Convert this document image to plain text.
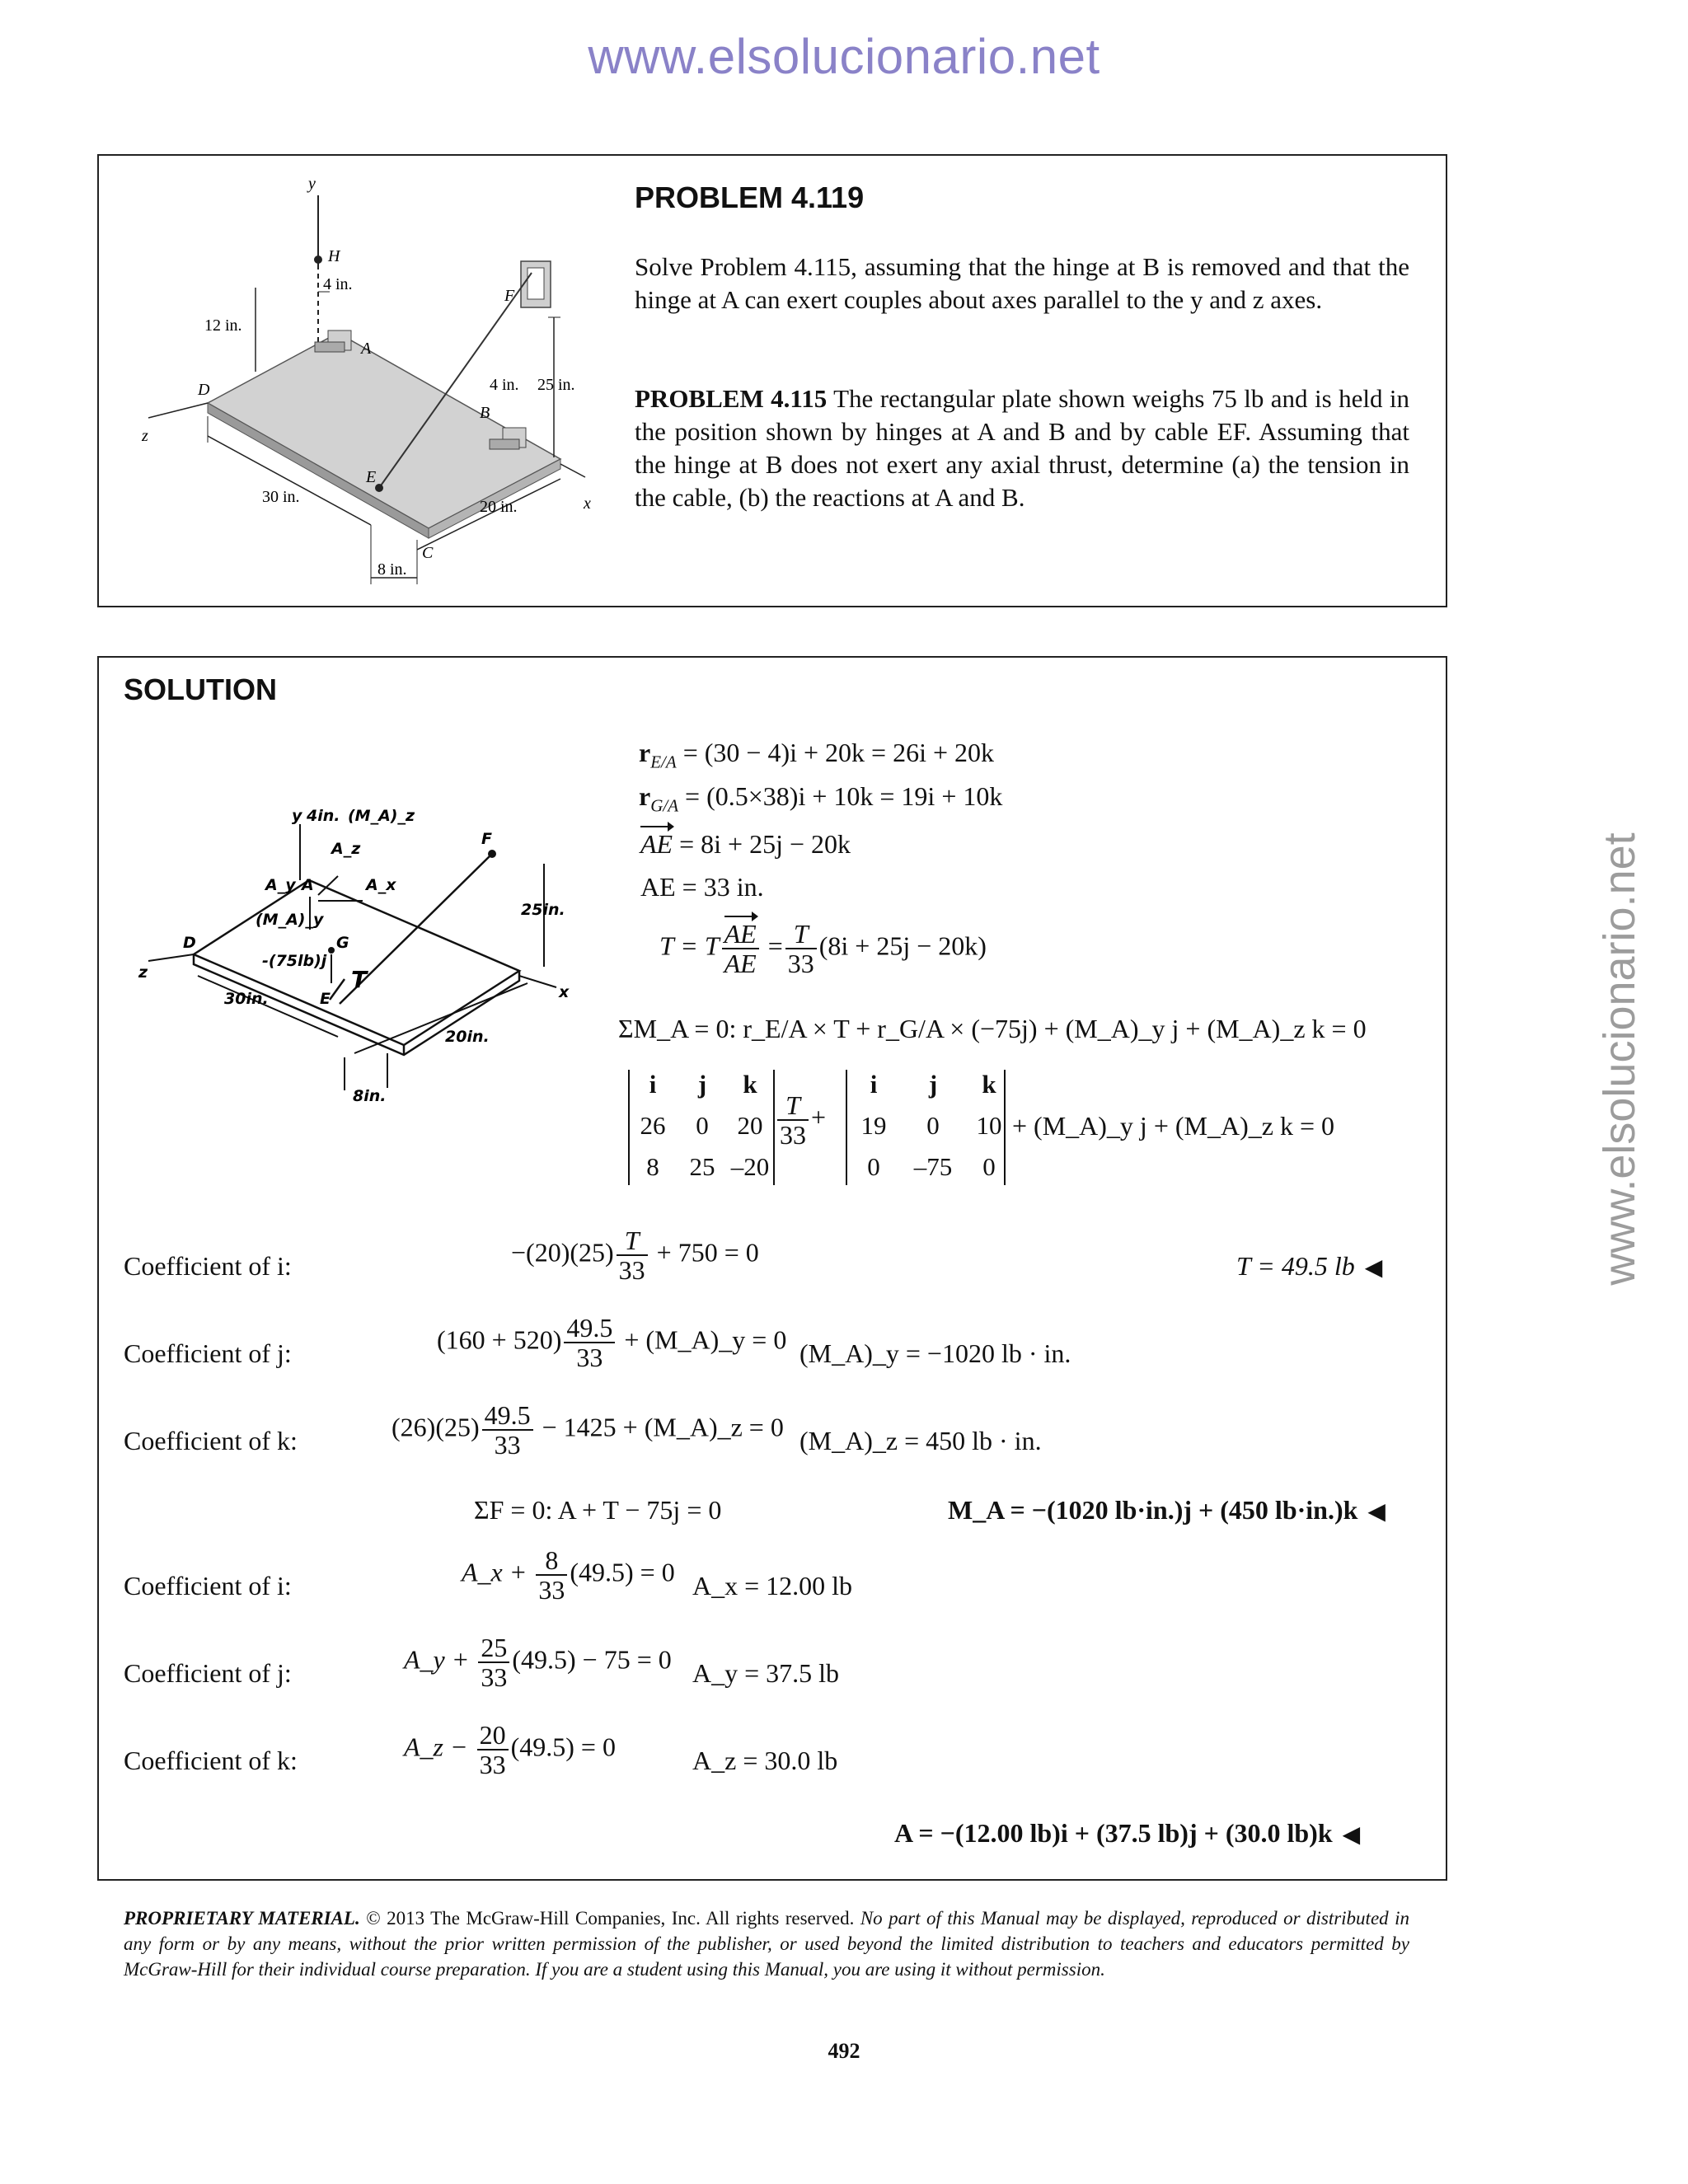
www.elsolucionario.net
www.elsolucionario.net
y
H
4 in.
12 in.
A
F
D	4 in. 25 in.
B
z
E
30 in.
20 in.	x
C
8 in.
PROBLEM 4.119
Solve Problem 4.115, assuming that the hinge at B is removed and that the hinge at A can exert couples about axes parallel to the y and z axes.
PROBLEM 4.115 The rectangular plate shown weighs 75 lb and is held in the position shown by hinges at A and B and by cable EF. Assuming that the hinge at B does not exert any axial thrust, determine (a) the tension in the cable, (b) the reactions at A and B.
SOLUTION
y 4in. (M_A)_z
A_z
A_y A	A_x
(M_A)_y
F
25in.
D	G
-(75lb)j
T
z
E
30in.
20in.
x
8in.
$r_{E/A} = (30 - 4)i + 20k = 26i + 20k$
$r_{G/A} = (0.5\times 38)i + 10k = 19i + 10k$
AE = 8i + 25j − 20k
AE = 33 in.
T = T $\frac{AE}{AE} = \frac{T}{33} (8i + 25j - 20k)$
ΣM_A = 0: r_E/A × T + r_G/A × (−75j) + (M_A)_y j + (M_A)_z k = 0
i j k
26 0 20
8 25 –20
$\frac{T}{33}$ +
i j k
19 0 10
0 –75 0
+ (M_A)_y j + (M_A)_z k = 0
Coefficient of i:	$-(20)(25) \frac{T}{33} + 750 = 0$	T = 49.5 lb ◀
Coefficient of j:	$(160 + 520) \frac{49.5}{33}$ + (M_A)_y = 0 (M_A)_y = −1020 lb · in.
Coefficient of k:	$(26)(25) \frac{49.5}{33} - 1425$ + (M_A)_z = 0 (M_A)_z = 450 lb · in.
ΣF = 0: A + T − 75j = 0	M_A = −(1020 lb·in.)j + (450 lb·in.)k ◀
Coefficient of i:	A_x + $\frac{8}{33} (49.5) = 0$ A_x = 12.00 lb
Coefficient of j:	A_y + $\frac{25}{33} (49.5) - 75 = 0$ A_y = 37.5 lb
Coefficient of k:	A_z − $\frac{20}{33} (49.5) = 0$	A_z = 30.0 lb
A = −(12.00 lb)i + (37.5 lb)j + (30.0 lb)k ◀
PROPRIETARY MATERIAL. © 2013 The McGraw-Hill Companies, Inc. All rights reserved. No part of this Manual may be displayed, reproduced or distributed in any form or by any means, without the prior written permission of the publisher, or used beyond the limited distribution to teachers and educators permitted by McGraw-Hill for their individual course preparation. If you are a student using this Manual, you are using it without permission.
492
